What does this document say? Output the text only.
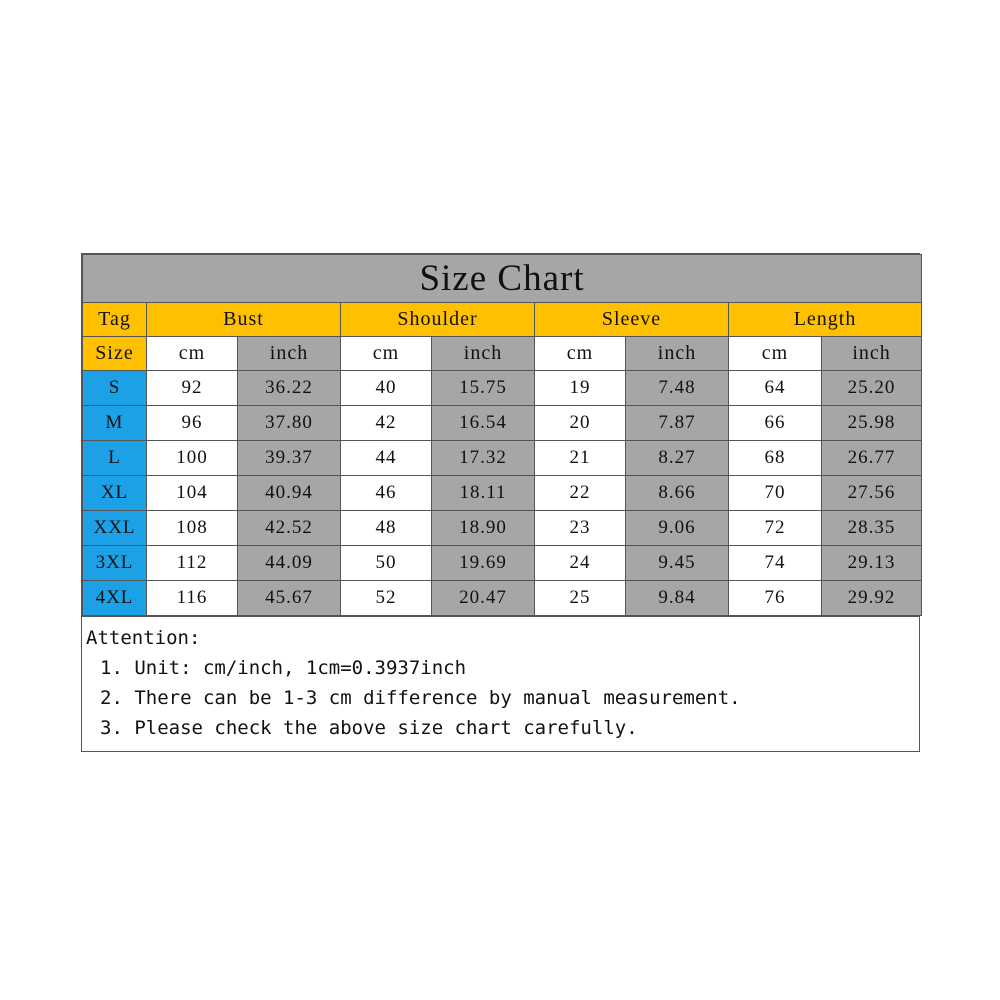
Size Chart								
Tag	Bust		Shoulder		Sleeve		Length	
Size	cm	inch	cm	inch	cm	inch	cm	inch
S	92	36.22	40	15.75	19	7.48	64	25.20
M	96	37.80	42	16.54	20	7.87	66	25.98
L	100	39.37	44	17.32	21	8.27	68	26.77
XL	104	40.94	46	18.11	22	8.66	70	27.56
XXL	108	42.52	48	18.90	23	9.06	72	28.35
3XL	112	44.09	50	19.69	24	9.45	74	29.13
4XL	116	45.67	52	20.47	25	9.84	76	29.92
Attention:
1. Unit: cm/inch, 1cm=0.3937inch
2. There can be 1-3 cm difference by manual measurement.
3. Please check the above size chart carefully.
